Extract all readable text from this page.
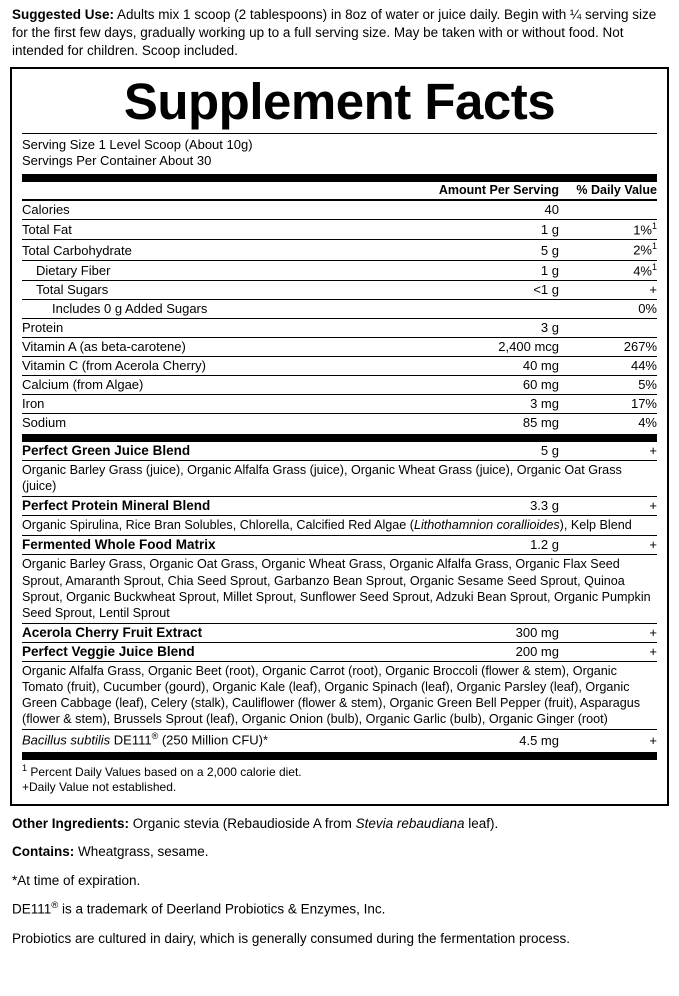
Suggested Use: Adults mix 1 scoop (2 tablespoons) in 8oz of water or juice daily. Begin with ¼ serving size for the first few days, gradually working up to a full serving size. May be taken with or without food. Not intended for children. Scoop included.

Supplement Facts
Serving Size 1 Level Scoop (About 10g)
Servings Per Container About 30
	Amount Per Serving	% Daily Value
Calories	40	
Total Fat	1 g	1%$^1$
Total Carbohydrate	5 g	2%$^1$
Dietary Fiber	1 g	4%$^1$
Total Sugars	<1 g	+
Includes 0 g Added Sugars		0%
Protein	3 g	
Vitamin A (as beta-carotene)	2,400 mcg	267%
Vitamin C (from Acerola Cherry)	40 mg	44%
Calcium (from Algae)	60 mg	5%
Iron	3 mg	17%
Sodium	85 mg	4%
Perfect Green Juice Blend	5 g	+
Organic Barley Grass (juice), Organic Alfalfa Grass (juice), Organic Wheat Grass (juice), Organic Oat Grass (juice)		
Perfect Protein Mineral Blend	3.3 g	+
Organic Spirulina, Rice Bran Solubles, Chlorella, Calcified Red Algae (Lithothamnion corallioides), Kelp Blend		
Fermented Whole Food Matrix	1.2 g	+
Organic Barley Grass, Organic Oat Grass, Organic Wheat Grass, Organic Alfalfa Grass, Organic Flax Seed Sprout, Amaranth Sprout, Chia Seed Sprout, Garbanzo Bean Sprout, Organic Sesame Seed Sprout, Quinoa Sprout, Organic Buckwheat Sprout, Millet Sprout, Sunflower Seed Sprout, Adzuki Bean Sprout, Organic Pumpkin Seed Sprout, Lentil Sprout		
Acerola Cherry Fruit Extract	300 mg	+
Perfect Veggie Juice Blend	200 mg	+
Organic Alfalfa Grass, Organic Beet (root), Organic Carrot (root), Organic Broccoli (flower & stem), Organic Tomato (fruit), Cucumber (gourd), Organic Kale (leaf), Organic Spinach (leaf), Organic Parsley (leaf), Organic Green Cabbage (leaf), Celery (stalk), Cauliflower (flower & stem), Organic Green Bell Pepper (fruit), Asparagus (flower & stem), Brussels Sprout (leaf), Organic Onion (bulb), Organic Garlic (bulb), Organic Ginger (root)		
Bacillus subtilis DE111® (250 Million CFU)*	4.5 mg	+
$^1$ Percent Daily Values based on a 2,000 calorie diet.
+Daily Value not established.

Other Ingredients: Organic stevia (Rebaudioside A from Stevia rebaudiana leaf).

Contains: Wheatgrass, sesame.

*At time of expiration.

DE111® is a trademark of Deerland Probiotics & Enzymes, Inc.

Probiotics are cultured in dairy, which is generally consumed during the fermentation process.
